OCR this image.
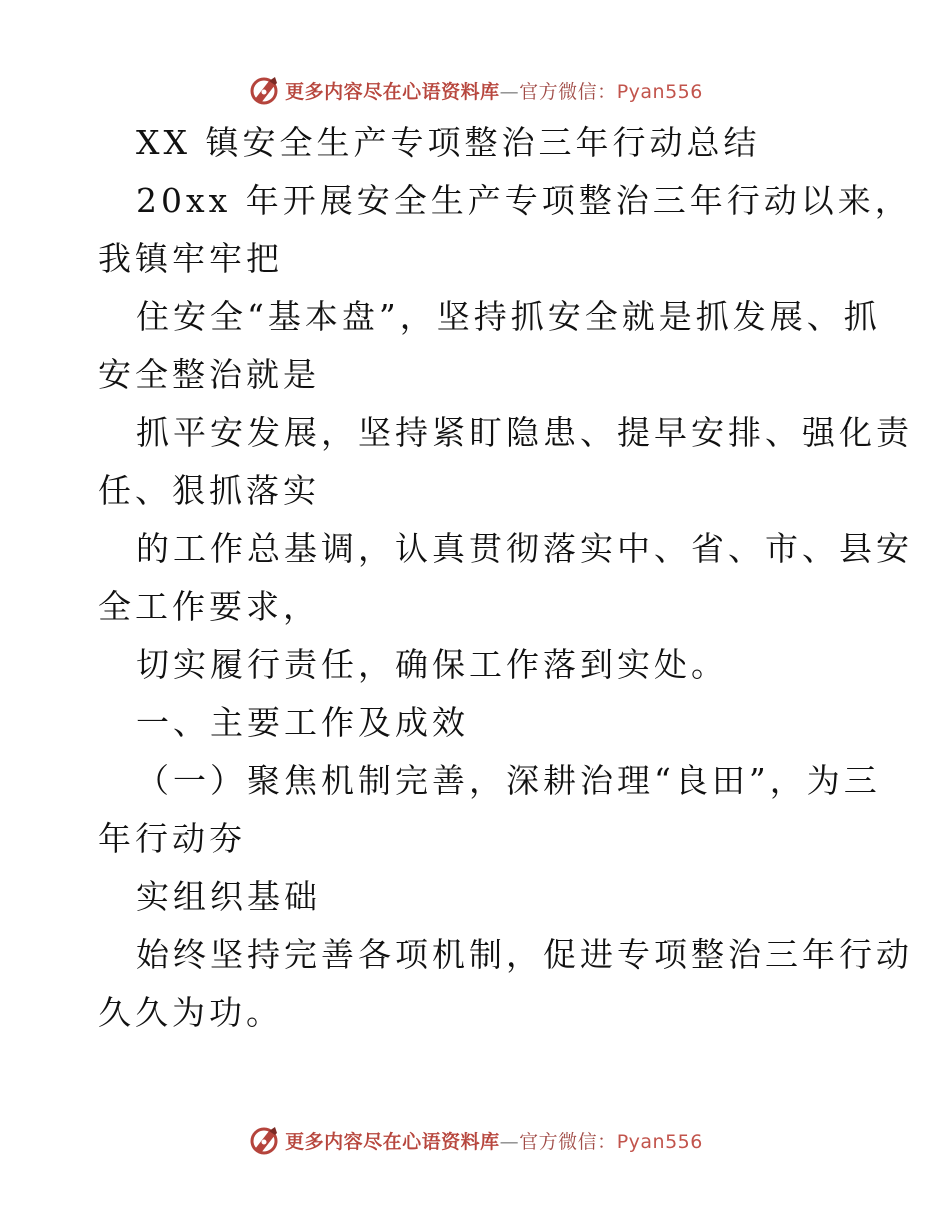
更多内容尽在心语资料库—官方微信：Pyan556
XX 镇安全生产专项整治三年行动总结
20xx 年开展安全生产专项整治三年行动以来，
我镇牢牢把
住安全“基本盘”，坚持抓安全就是抓发展、抓
安全整治就是
抓平安发展，坚持紧盯隐患、提早安排、强化责
任、狠抓落实
的工作总基调，认真贯彻落实中、省、市、县安
全工作要求，
切实履行责任，确保工作落到实处。
一、主要工作及成效
（一）聚焦机制完善，深耕治理“良田”，为三
年行动夯
实组织基础
始终坚持完善各项机制，促进专项整治三年行动
久久为功。
更多内容尽在心语资料库—官方微信：Pyan556
